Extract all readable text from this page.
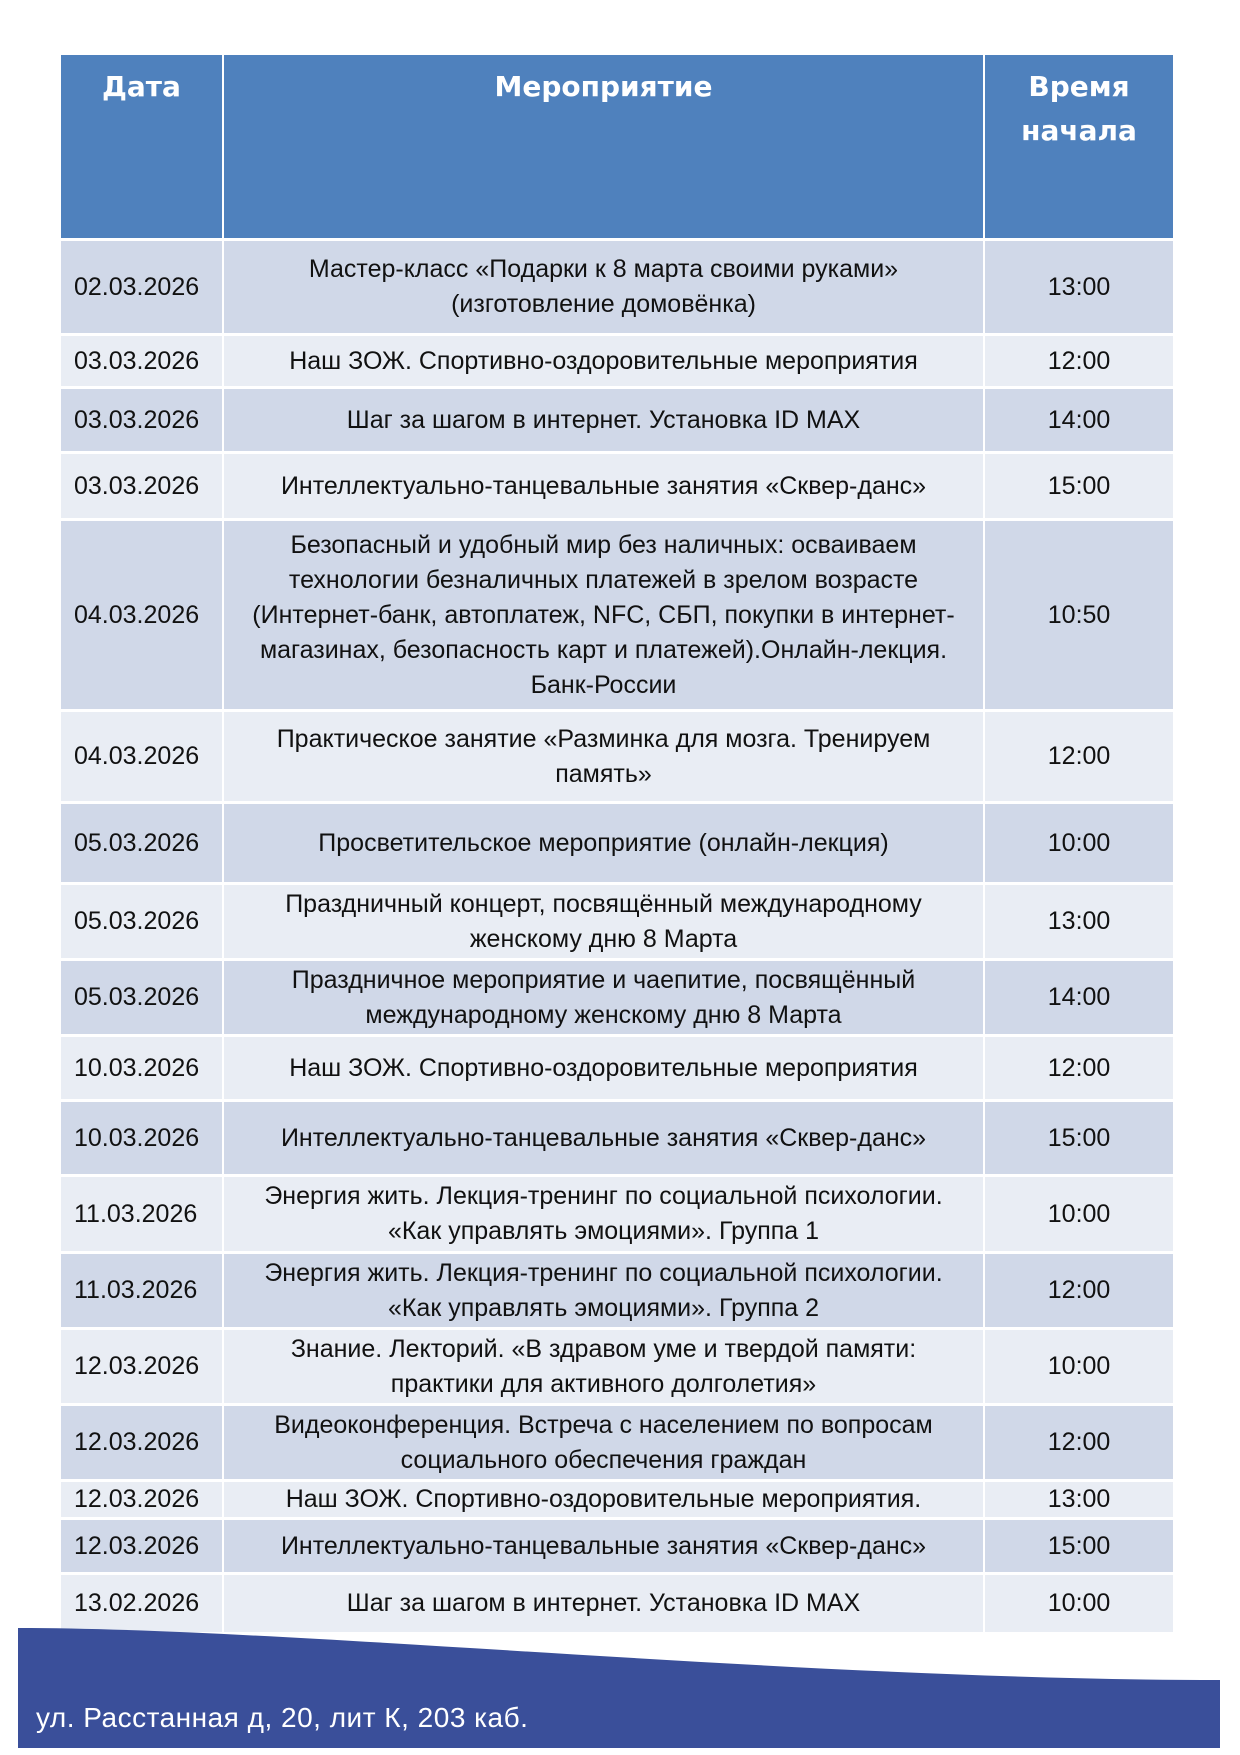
Дата	Мероприятие	Время
начала
02.03.2026	Мастер-класс «Подарки к 8 марта своими руками»
(изготовление домовёнка)	13:00
03.03.2026	Наш ЗОЖ. Спортивно-оздоровительные мероприятия	12:00
03.03.2026	Шаг за шагом в интернет. Установка ID MAX	14:00
03.03.2026	Интеллектуально-танцевальные занятия «Сквер-данс»	15:00
04.03.2026	Безопасный и удобный мир без наличных: осваиваем
технологии безналичных платежей в зрелом возрасте
(Интернет-банк, автоплатеж, NFC, СБП, покупки в интернет-
магазинах, безопасность карт и платежей).Онлайн-лекция.
Банк-России	10:50
04.03.2026	Практическое занятие «Разминка для мозга. Тренируем
память»	12:00
05.03.2026	Просветительское мероприятие (онлайн-лекция)	10:00
05.03.2026	Праздничный концерт, посвящённый международному
женскому дню 8 Марта	13:00
05.03.2026	Праздничное мероприятие и чаепитие, посвящённый
международному женскому дню 8 Марта	14:00
10.03.2026	Наш ЗОЖ. Спортивно-оздоровительные мероприятия	12:00
10.03.2026	Интеллектуально-танцевальные занятия «Сквер-данс»	15:00
11.03.2026	Энергия жить. Лекция-тренинг по социальной психологии.
«Как управлять эмоциями». Группа 1	10:00
11.03.2026	Энергия жить. Лекция-тренинг по социальной психологии.
«Как управлять эмоциями». Группа 2	12:00
12.03.2026	Знание. Лекторий. «В здравом уме и твердой памяти:
практики для активного долголетия»	10:00
12.03.2026	Видеоконференция. Встреча с населением по вопросам
социального обеспечения граждан	12:00
12.03.2026	Наш ЗОЖ. Спортивно-оздоровительные мероприятия.	13:00
12.03.2026	Интеллектуально-танцевальные занятия «Сквер-данс»	15:00
13.02.2026	Шаг за шагом в интернет. Установка ID MAX	10:00
ул. Расстанная д, 20, лит К, 203 каб.
